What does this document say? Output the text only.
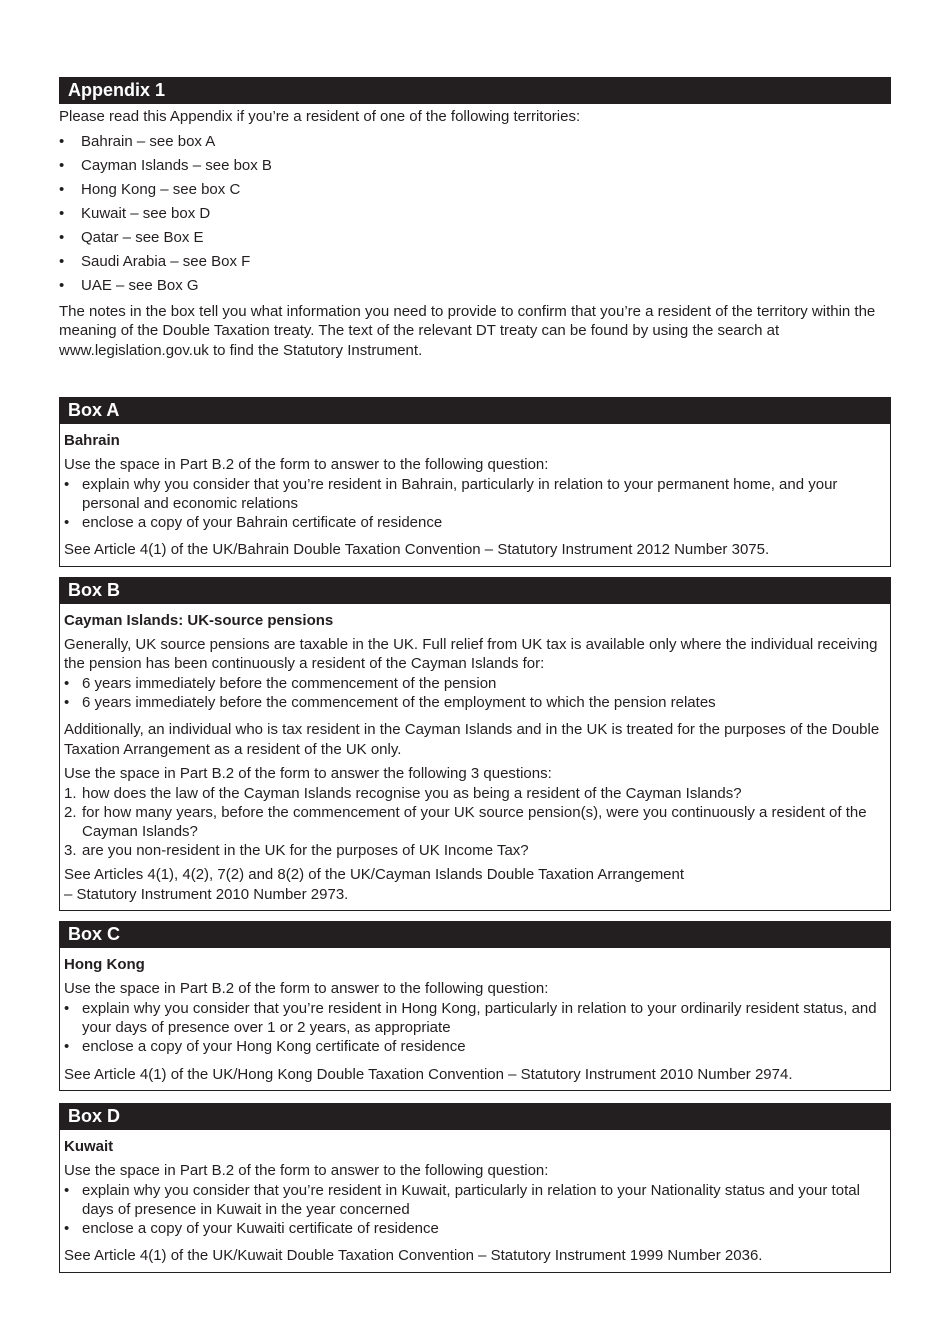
Appendix 1

Please read this Appendix if you’re a resident of one of the following territories:

• Bahrain – see box A
• Cayman Islands – see box B
• Hong Kong – see box C
• Kuwait – see box D
• Qatar – see Box E
• Saudi Arabia – see Box F
• UAE – see Box G

The notes in the box tell you what information you need to provide to confirm that you’re a resident of the territory within the meaning of the Double Taxation treaty. The text of the relevant DT treaty can be found by using the search at www.legislation.gov.uk to find the Statutory Instrument.

Box A

Bahrain

Use the space in Part B.2 of the form to answer to the following question:

• explain why you consider that you’re resident in Bahrain, particularly in relation to your permanent home, and your personal and economic relations
• enclose a copy of your Bahrain certificate of residence

See Article 4(1) of the UK/Bahrain Double Taxation Convention – Statutory Instrument 2012 Number 3075.

Box B

Cayman Islands: UK-source pensions

Generally, UK source pensions are taxable in the UK. Full relief from UK tax is available only where the individual receiving the pension has been continuously a resident of the Cayman Islands for:

• 6 years immediately before the commencement of the pension
• 6 years immediately before the commencement of the employment to which the pension relates

Additionally, an individual who is tax resident in the Cayman Islands and in the UK is treated for the purposes of the Double Taxation Arrangement as a resident of the UK only.

Use the space in Part B.2 of the form to answer the following 3 questions:

1. how does the law of the Cayman Islands recognise you as being a resident of the Cayman Islands?
2. for how many years, before the commencement of your UK source pension(s), were you continuously a resident of the Cayman Islands?
3. are you non-resident in the UK for the purposes of UK Income Tax?

See Articles 4(1), 4(2), 7(2) and 8(2) of the UK/Cayman Islands Double Taxation Arrangement

– Statutory Instrument 2010 Number 2973.

Box C

Hong Kong

Use the space in Part B.2 of the form to answer to the following question:

• explain why you consider that you’re resident in Hong Kong, particularly in relation to your ordinarily resident status, and your days of presence over 1 or 2 years, as appropriate
• enclose a copy of your Hong Kong certificate of residence

See Article 4(1) of the UK/Hong Kong Double Taxation Convention – Statutory Instrument 2010 Number 2974.

Box D

Kuwait

Use the space in Part B.2 of the form to answer to the following question:

• explain why you consider that you’re resident in Kuwait, particularly in relation to your Nationality status and your total days of presence in Kuwait in the year concerned
• enclose a copy of your Kuwaiti certificate of residence

See Article 4(1) of the UK/Kuwait Double Taxation Convention – Statutory Instrument 1999 Number 2036.
